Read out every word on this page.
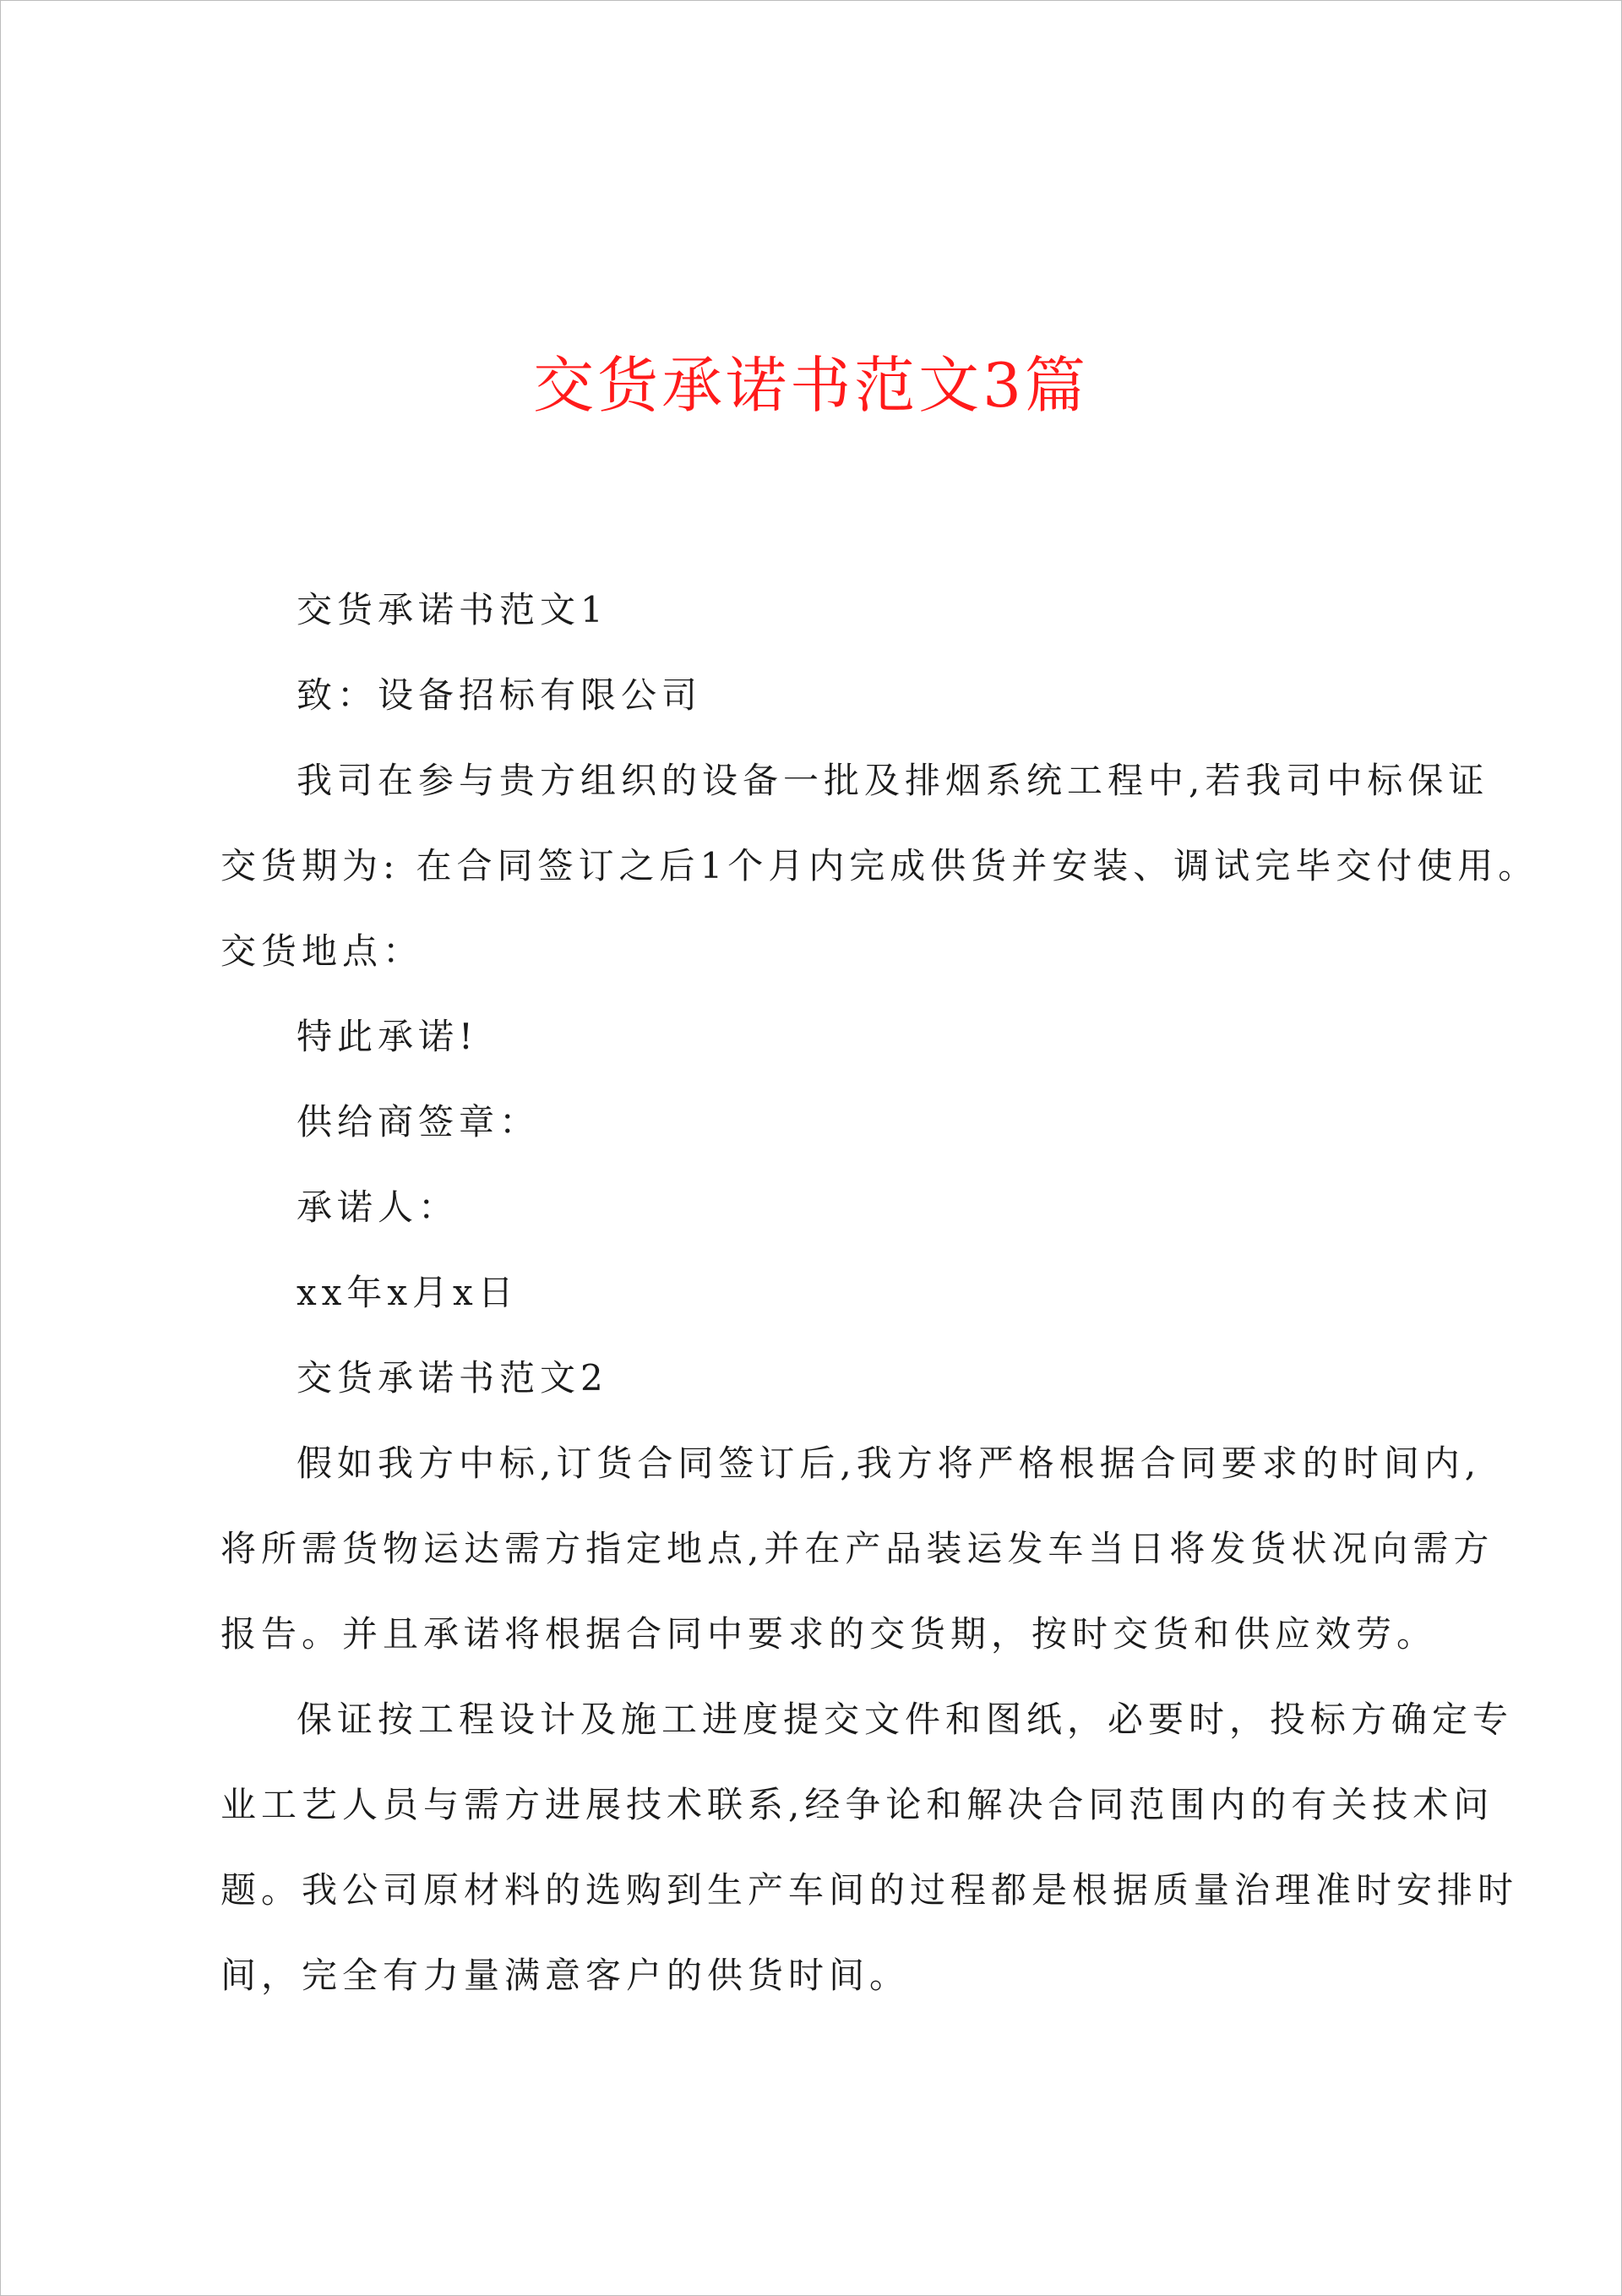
交货承诺书范文3篇
交货承诺书范文1
致：设备招标有限公司
我司在参与贵方组织的设备一批及排烟系统工程中,若我司中标保证
交货期为: 在合同签订之后1个月内完成供货并安装、调试完毕交付使用。
交货地点：
特此承诺!
供给商签章：
承诺人：
xx年x月x日
交货承诺书范文2
假如我方中标,订货合同签订后,我方将严格根据合同要求的时间内,
将所需货物运达需方指定地点,并在产品装运发车当日将发货状况向需方
报告。并且承诺将根据合同中要求的交货期，按时交货和供应效劳。
保证按工程设计及施工进度提交文件和图纸，必要时，投标方确定专
业工艺人员与需方进展技术联系,经争论和解决合同范围内的有关技术问
题。我公司原材料的选购到生产车间的过程都是根据质量治理准时安排时
间，完全有力量满意客户的供货时间。
